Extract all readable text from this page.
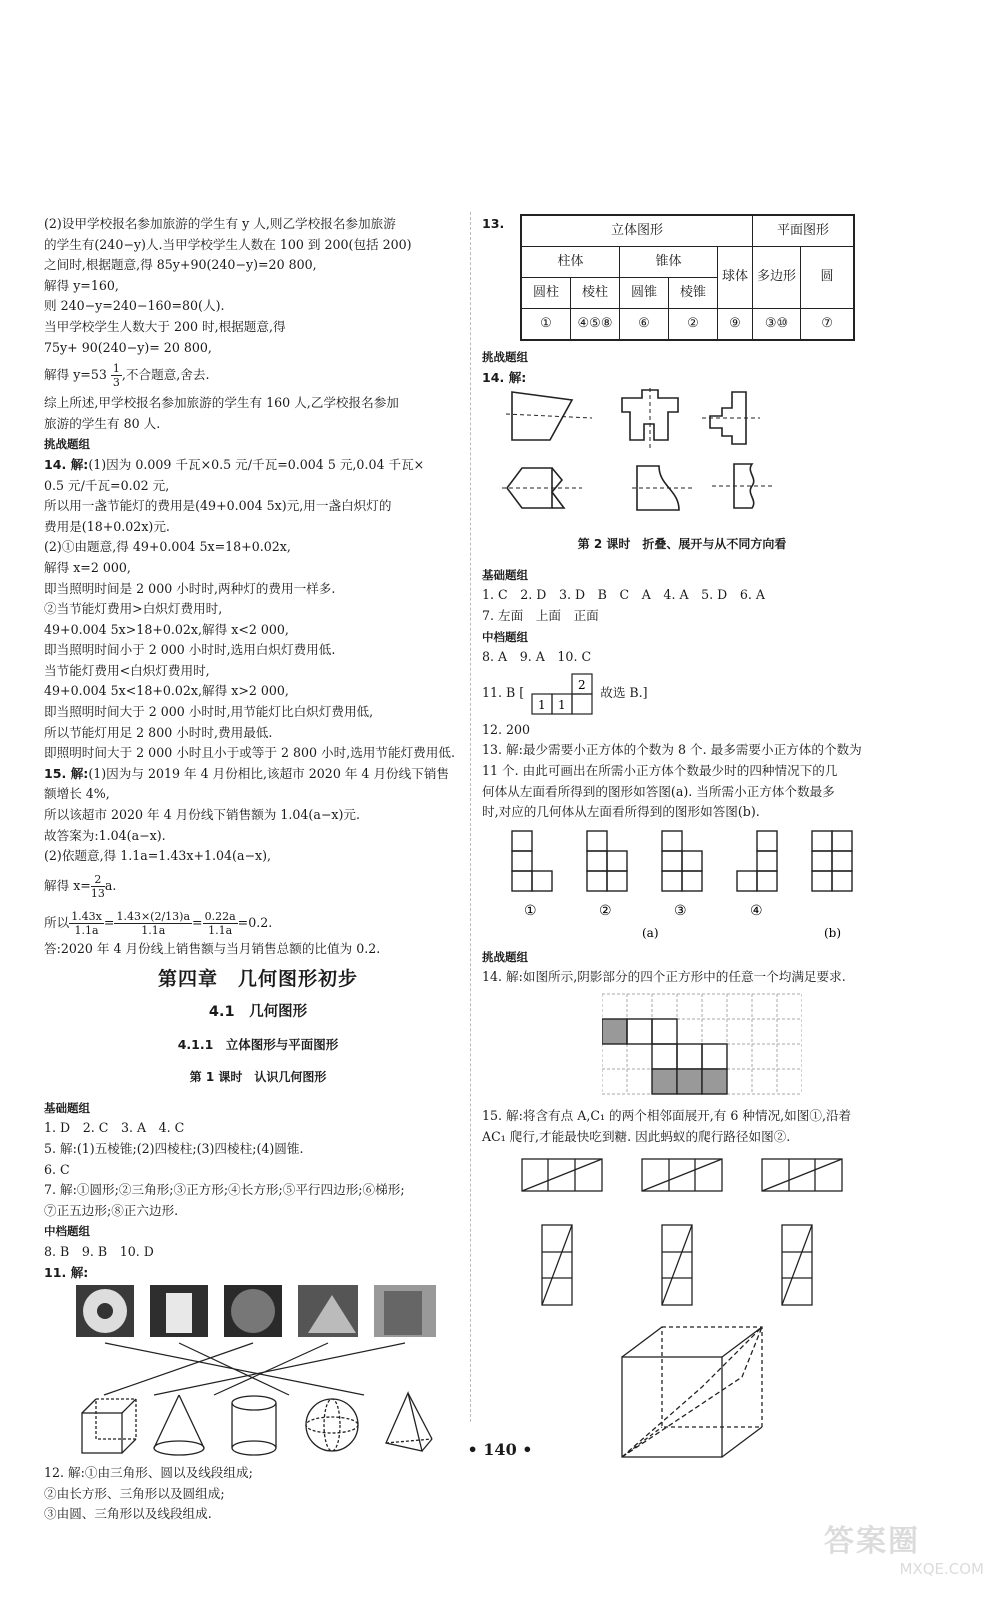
(2)设甲学校报名参加旅游的学生有 y 人,则乙学校报名参加旅游
的学生有(240−y)人.当甲学校学生人数在 100 到 200(包括 200)
之间时,根据题意,得 85y+90(240−y)=20 800,
解得 y=160,
则 240−y=240−160=80(人).
当甲学校学生人数大于 200 时,根据题意,得
75y+ 90(240−y)= 20 800,
解得 $y=53 \frac{1}{3}$ ,不合题意,舍去.
综上所述,甲学校报名参加旅游的学生有 160 人,乙学校报名参加
旅游的学生有 80 人.
挑战题组
14. 解:(1)因为 0.009 千瓦×0.5 元/千瓦=0.004 5 元,0.04 千瓦×
0.5 元/千瓦=0.02 元,
所以用一盏节能灯的费用是(49+0.004 5x)元,用一盏白炽灯的
费用是(18+0.02x)元.
(2)①由题意,得 49+0.004 5x=18+0.02x,
解得 x=2 000,
即当照明时间是 2 000 小时时,两种灯的费用一样多.
②当节能灯费用>白炽灯费用时,
49+0.004 5x>18+0.02x,解得 x<2 000,
即当照明时间小于 2 000 小时时,选用白炽灯费用低.
当节能灯费用<白炽灯费用时,
49+0.004 5x<18+0.02x,解得 x>2 000,
即当照明时间大于 2 000 小时时,用节能灯比白炽灯费用低,
所以节能灯用足 2 800 小时时,费用最低.
即照明时间大于 2 000 小时且小于或等于 2 800 小时,选用节能灯费用低.
15. 解:(1)因为与 2019 年 4 月份相比,该超市 2020 年 4 月份线下销售
额增长 4%,
所以该超市 2020 年 4 月份线下销售额为 1.04(a−x)元.
故答案为:1.04(a−x).
(2)依题意,得 1.1a=1.43x+1.04(a−x),
解得 $x= \frac{2}{13} a$.
所以 $\frac{1.43x}{1.1a} = \frac{1.43\times(2/13)a}{1.1a} = \frac{0.22a}{1.1a} =0.2$.
答:2020 年 4 月份线上销售额与当月销售总额的比值为 0.2.
第四章　几何图形初步
4.1　几何图形
4.1.1　立体图形与平面图形
第 1 课时　认识几何图形
基础题组
1. D　2. C　3. A　4. C
5. 解:(1)五棱锥;(2)四棱柱;(3)四棱柱;(4)圆锥.
6. C
7. 解:①圆形;②三角形;③正方形;④长方形;⑤平行四边形;⑥梯形;
⑦正五边形;⑧正六边形.
中档题组
8. B　9. B　10. D
11. 解:
12. 解:①由三角形、圆以及线段组成;
②由长方形、三角形以及圆组成;
③由圆、三角形以及线段组成.
13.	立体图形					平面图形	
柱体		锥体		球体	多边形	圆
圆柱	棱柱	圆锥	棱锥			
①	④⑤⑧	⑥	②	⑨	③⑩	⑦
挑战题组
14. 解:
第 2 课时　折叠、展开与从不同方向看
基础题组
1. C　2. D　3. D　B　C　A　4. A　5. D　6. A
7. 左面　上面　正面
中档题组
8. A　9. A　10. C
11. B [
2
1 1
故选 B.]
12. 200
13. 解:最少需要小正方体的个数为 8 个. 最多需要小正方体的个数为
11 个. 由此可画出在所需小正方体个数最少时的四种情况下的几
何体从左面看所得到的图形如答图(a). 当所需小正方体个数最多
时,对应的几何体从左面看所得到的图形如答图(b).
①	②	③	④
(a)	(b)
挑战题组
14. 解:如图所示,阴影部分的四个正方形中的任意一个均满足要求.
15. 解:将含有点 A,C₁ 的两个相邻面展开,有 6 种情况,如图①,沿着
AC₁ 爬行,才能最快吃到糖. 因此蚂蚁的爬行路径如图②.
• 140 •
答案圈
MXQE.COM
